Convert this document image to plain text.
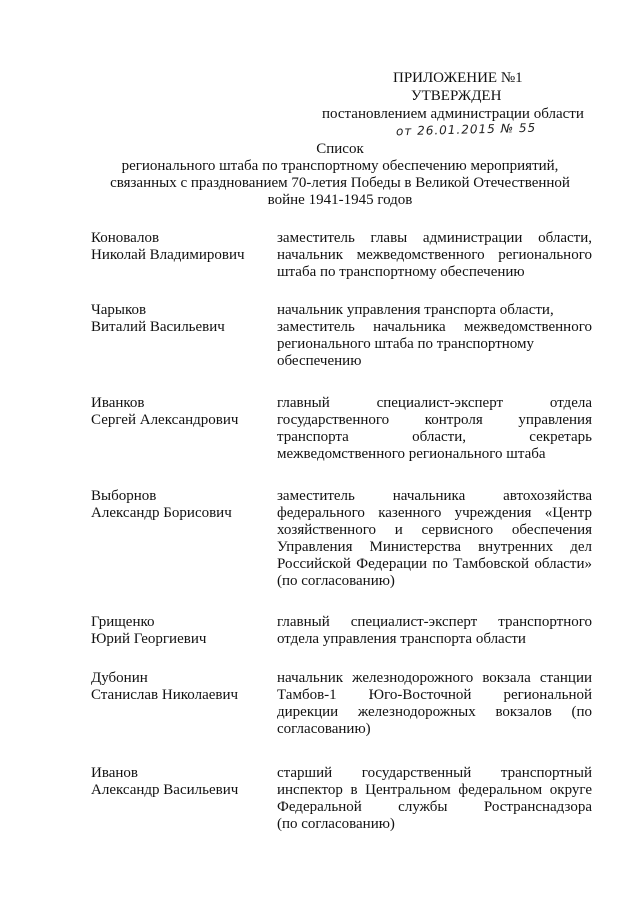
ПРИЛОЖЕНИЕ №1
УТВЕРЖДЕН
постановлением администрации области
от 26.01.2015 № 55
Список
регионального штаба по транспортному обеспечению мероприятий,
связанных с празднованием 70-летия Победы в Великой Отечественной
войне 1941-1945 годов
Коновалов
Николай Владимирович
заместитель главы администрации области,
начальник межведомственного регионального
штаба по транспортному обеспечению
Чарыков
Виталий Васильевич
начальник управления транспорта области,
заместитель начальника межведомственного
регионального штаба по транспортному
обеспечению
Иванков
Сергей Александрович
главный специалист-эксперт отдела
государственного контроля управления
транспорта области, секретарь
межведомственного регионального штаба
Выборнов
Александр Борисович
заместитель начальника автохозяйства
федерального казенного учреждения «Центр
хозяйственного и сервисного обеспечения
Управления Министерства внутренних дел
Российской Федерации по Тамбовской области»
(по согласованию)
Грищенко
Юрий Георгиевич
главный специалист-эксперт транспортного
отдела управления транспорта области
Дубонин
Станислав Николаевич
начальник железнодорожного вокзала станции
Тамбов-1 Юго-Восточной региональной
дирекции железнодорожных вокзалов (по
согласованию)
Иванов
Александр Васильевич
старший государственный транспортный
инспектор в Центральном федеральном округе
Федеральной службы Ространснадзора
(по согласованию)
